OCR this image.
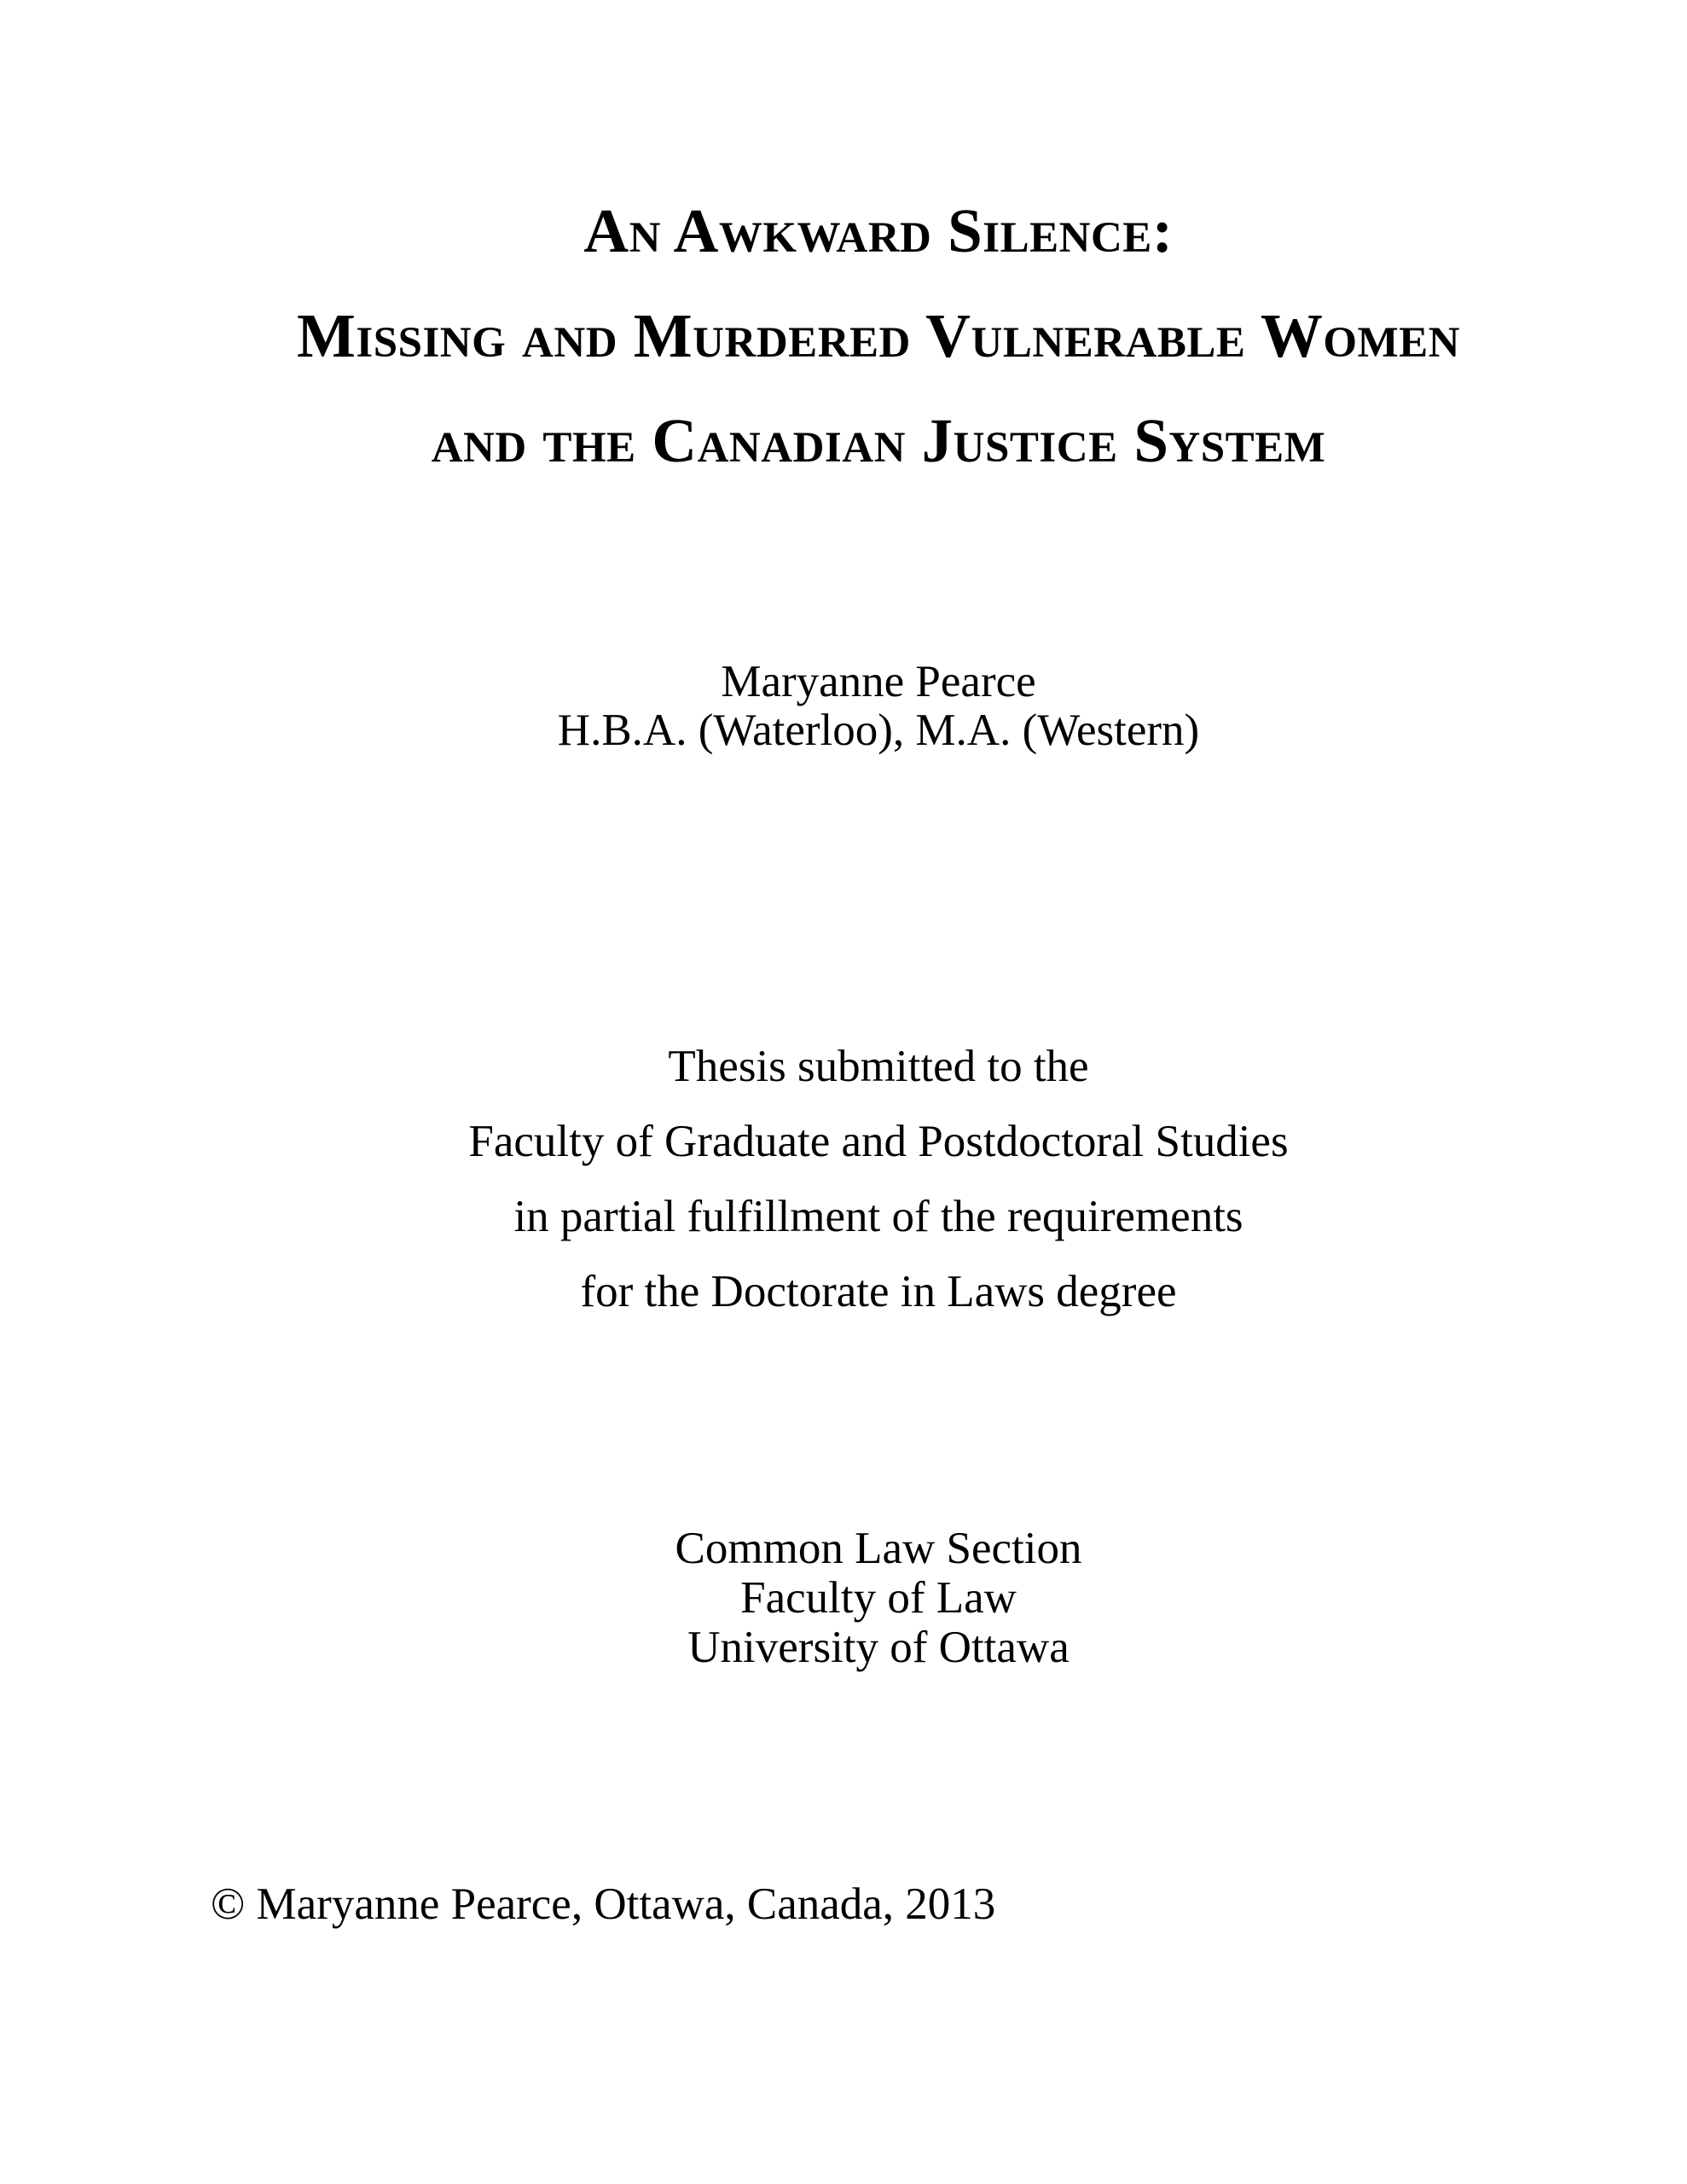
An Awkward Silence:
Missing and Murdered Vulnerable Women
and the Canadian Justice System
Maryanne Pearce
H.B.A. (Waterloo), M.A. (Western)
Thesis submitted to the
Faculty of Graduate and Postdoctoral Studies
in partial fulfillment of the requirements
for the Doctorate in Laws degree
Common Law Section
Faculty of Law
University of Ottawa
© Maryanne Pearce, Ottawa, Canada, 2013
